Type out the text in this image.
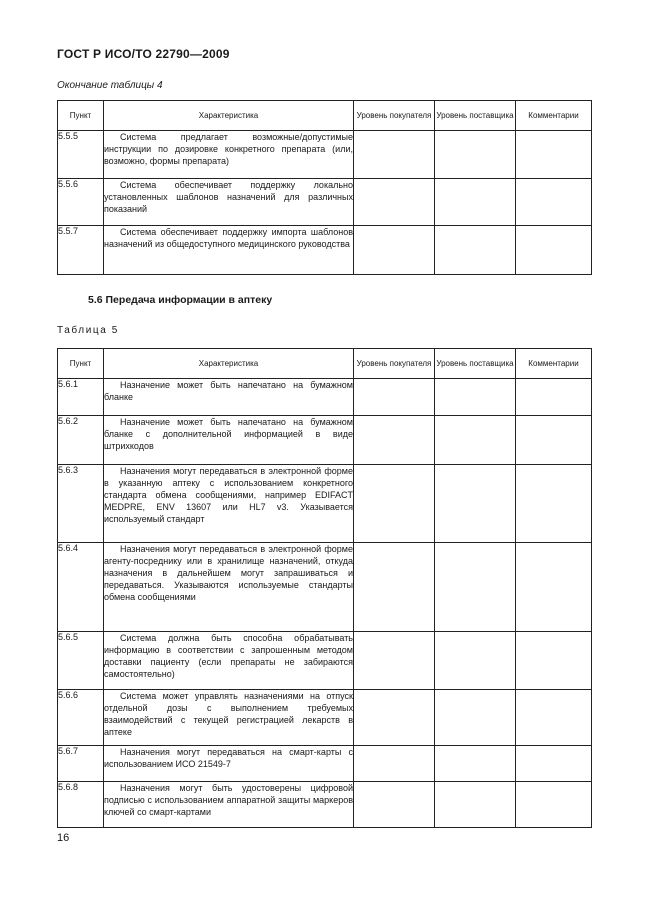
ГОСТ Р ИСО/ТО 22790—2009
Окончание таблицы 4
Пункт	Характеристика	Уровень покупателя	Уровень поставщика	Комментарии
5.5.5	Система предлагает возможные/допустимые инструкции по дозировке конкретного препарата (или, возможно, формы препарата)			

5.5.6	Система обеспечивает поддержку локально установленных шаблонов назначений для различных показаний			

5.5.7	Система обеспечивает поддержку импорта шаблонов назначений из общедоступного медицинского руководства			

5.6 Передача информации в аптеку
Таблица 5
Пункт	Характеристика	Уровень покупателя	Уровень поставщика	Комментарии
5.6.1	Назначение может быть напечатано на бумажном бланке			

5.6.2	Назначение может быть напечатано на бумажном бланке с дополнительной информацией в виде штрихкодов			

5.6.3	Назначения могут передаваться в электронной форме в указанную аптеку с использованием конкретного стандарта обмена сообщениями, например EDIFACT MEDPRE, ENV 13607 или HL7 v3. Указывается используемый стандарт			

5.6.4	Назначения могут передаваться в электронной форме агенту-посреднику или в хранилище назначений, откуда назначения в дальнейшем могут запрашиваться и передаваться. Указываются используемые стандарты обмена сообщениями			

5.6.5	Система должна быть способна обрабатывать информацию в соответствии с запрошенным методом доставки пациенту (если препараты не забираются самостоятельно)			

5.6.6	Система может управлять назначениями на отпуск отдельной дозы с выполнением требуемых взаимодействий с текущей регистрацией лекарств в аптеке			

5.6.7	Назначения могут передаваться на смарт-карты с использованием ИСО 21549-7			

5.6.8	Назначения могут быть удостоверены цифровой подписью с использованием аппаратной защиты маркеров ключей со смарт-картами			

16
